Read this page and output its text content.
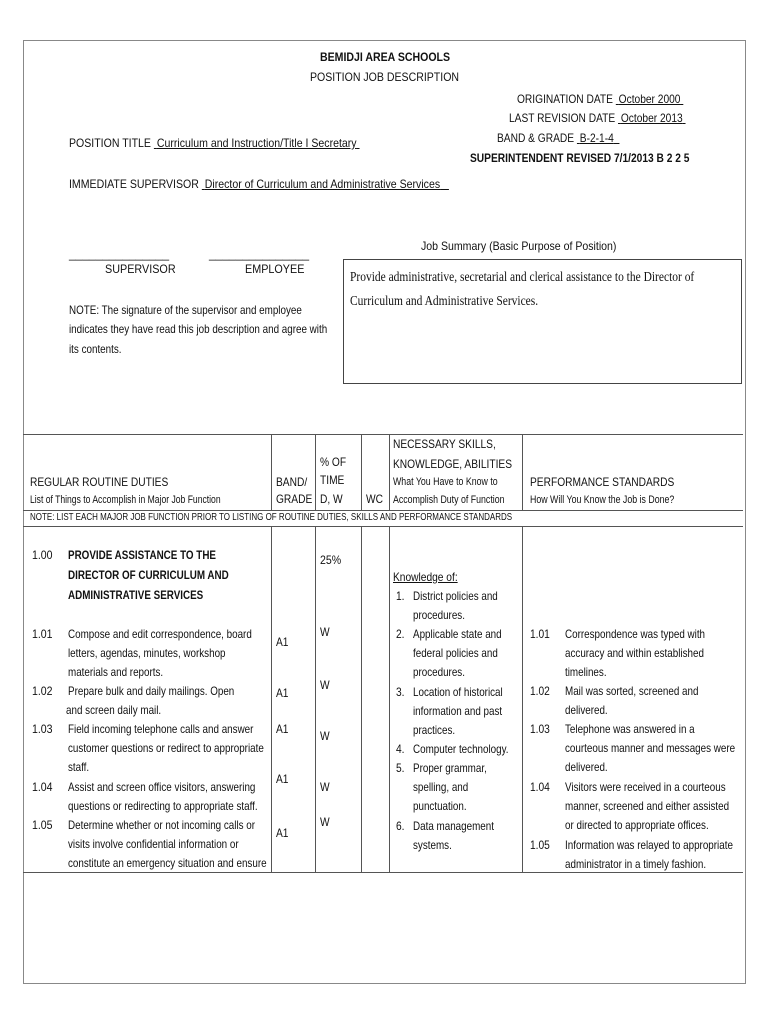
BEMIDJI AREA SCHOOLS
POSITION JOB DESCRIPTION
ORIGINATION DATE October 2000
LAST REVISION DATE October 2013
BAND & GRADE B-2-1-4
SUPERINTENDENT REVISED 7/1/2013 B 2 2 5
POSITION TITLE Curriculum and Instruction/Title I Secretary
IMMEDIATE SUPERVISOR Director of Curriculum and Administrative Services
_______________	_______________
SUPERVISOR	EMPLOYEE
NOTE: The signature of the supervisor and employee
indicates they have read this job description and agree with
its contents.
Job Summary (Basic Purpose of Position)
Provide administrative, secretarial and clerical assistance to the Director of
Curriculum and Administrative Services.
REGULAR ROUTINE DUTIES
List of Things to Accomplish in Major Job Function
BAND/
GRADE
% OF
TIME
D, W WC
NECESSARY SKILLS,
KNOWLEDGE, ABILITIES
What You Have to Know to
Accomplish Duty of Function
PERFORMANCE STANDARDS
How Will You Know the Job is Done?
NOTE: LIST EACH MAJOR JOB FUNCTION PRIOR TO LISTING OF ROUTINE DUTIES, SKILLS AND PERFORMANCE STANDARDS
1.00 PROVIDE ASSISTANCE TO THE
DIRECTOR OF CURRICULUM AND
ADMINISTRATIVE SERVICES
25%
1.01 Compose and edit correspondence, board
letters, agendas, minutes, workshop
materials and reports.
1.02 Prepare bulk and daily mailings. Open
and screen daily mail.
1.03 Field incoming telephone calls and answer
customer questions or redirect to appropriate
staff.
1.04 Assist and screen office visitors, answering
questions or redirecting to appropriate staff.
1.05 Determine whether or not incoming calls or
visits involve confidential information or
constitute an emergency situation and ensure
A1
A1
A1
A1
A1
W
W
W
W
W
Knowledge of:
1. District policies and
procedures.
2. Applicable state and
federal policies and
procedures.
3. Location of historical
information and past
practices.
4. Computer technology.
5. Proper grammar,
spelling, and
punctuation.
6. Data management
systems.
1.01 Correspondence was typed with
accuracy and within established
timelines.
1.02 Mail was sorted, screened and
delivered.
1.03 Telephone was answered in a
courteous manner and messages were
delivered.
1.04 Visitors were received in a courteous
manner, screened and either assisted
or directed to appropriate offices.
1.05 Information was relayed to appropriate
administrator in a timely fashion.
